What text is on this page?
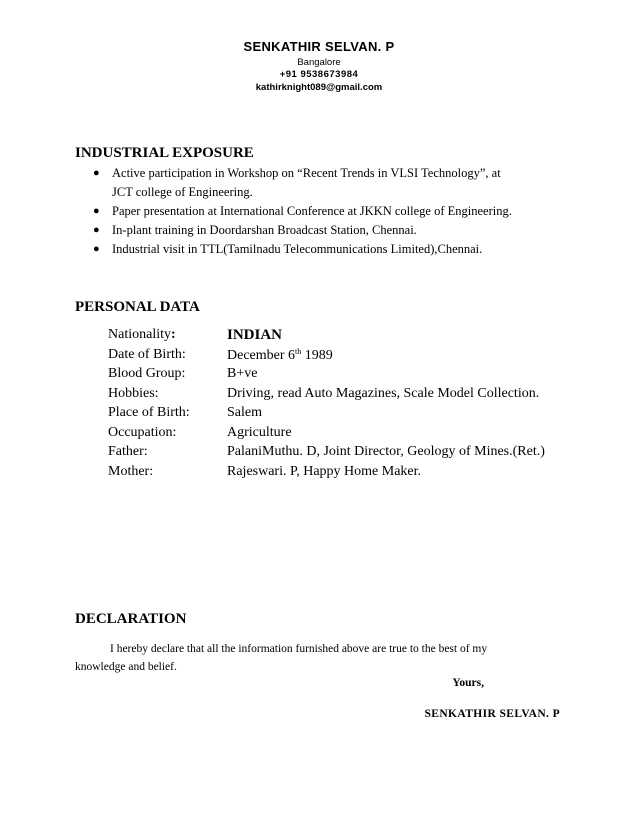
SENKATHIR SELVAN. P
Bangalore
+91 9538673984
kathirknight089@gmail.com
INDUSTRIAL EXPOSURE
● Active participation in Workshop on “Recent Trends in VLSI Technology”, at
JCT college of Engineering.
● Paper presentation at International Conference at JKKN college of Engineering.
● In-plant training in Doordarshan Broadcast Station, Chennai.
● Industrial visit in TTL(Tamilnadu Telecommunications Limited),Chennai.
PERSONAL DATA
Nationality:	INDIAN
Date of Birth:	December 6th 1989
Blood Group:	B+ve
Hobbies:	Driving, read Auto Magazines, Scale Model Collection.
Place of Birth:	Salem
Occupation:	Agriculture
Father:	PalaniMuthu. D, Joint Director, Geology of Mines.(Ret.)
Mother:	Rajeswari. P, Happy Home Maker.
DECLARATION
I hereby declare that all the information furnished above are true to the best of my
knowledge and belief.
Yours,
SENKATHIR SELVAN. P
